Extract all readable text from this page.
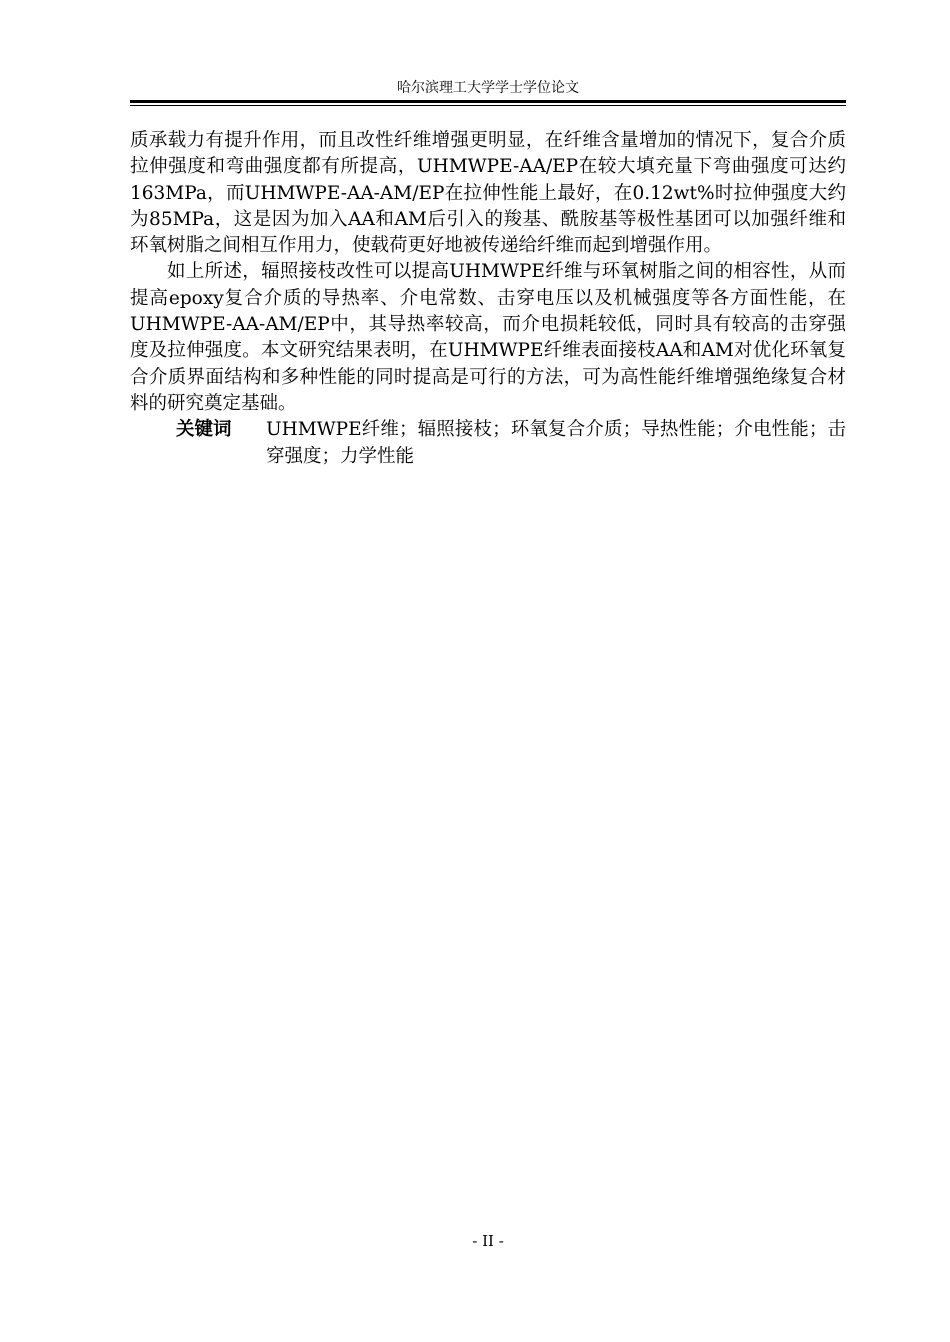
哈尔滨理工大学学士学位论文

质承载力有提升作用，而且改性纤维增强更明显，在纤维含量增加的情况下，复合介质拉伸强度和弯曲强度都有所提高，UHMWPE-AA/EP在较大填充量下弯曲强度可达约163MPa，而UHMWPE-AA-AM/EP在拉伸性能上最好，在0.12wt%时拉伸强度大约为85MPa，这是因为加入AA和AM后引入的羧基、酰胺基等极性基团可以加强纤维和环氧树脂之间相互作用力，使载荷更好地被传递给纤维而起到增强作用。

如上所述，辐照接枝改性可以提高UHMWPE纤维与环氧树脂之间的相容性，从而提高epoxy复合介质的导热率、介电常数、击穿电压以及机械强度等各方面性能，在UHMWPE-AA-AM/EP中，其导热率较高，而介电损耗较低，同时具有较高的击穿强度及拉伸强度。本文研究结果表明，在UHMWPE纤维表面接枝AA和AM对优化环氧复合介质界面结构和多种性能的同时提高是可行的方法，可为高性能纤维增强绝缘复合材料的研究奠定基础。

关键词	UHMWPE纤维；辐照接枝；环氧复合介质；导热性能；介电性能；击穿强度；力学性能
- II -
